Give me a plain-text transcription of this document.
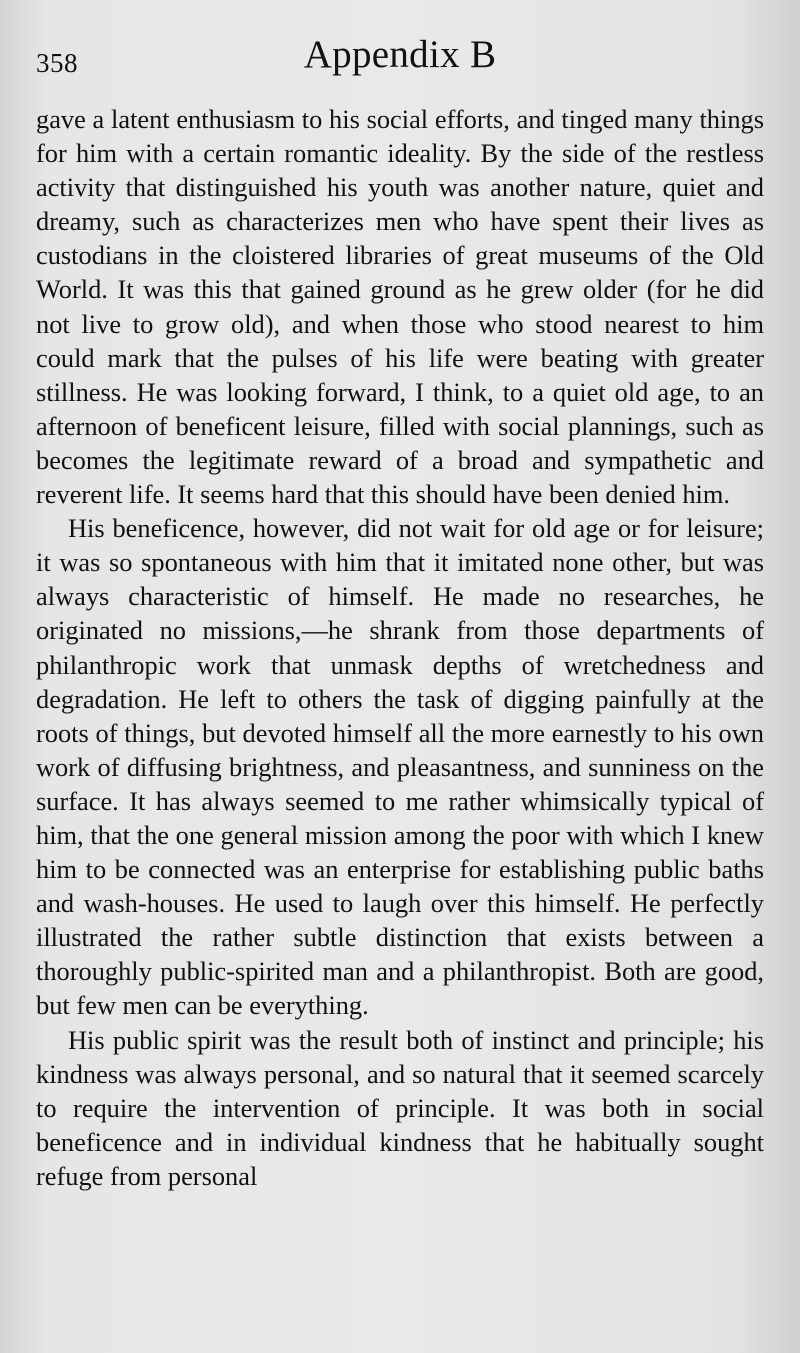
358	Appendix B

gave a latent enthusiasm to his social efforts, and tinged many things for him with a certain romantic ideality. By the side of the restless activity that distinguished his youth was another nature, quiet and dreamy, such as characterizes men who have spent their lives as custodians in the cloistered libraries of great museums of the Old World. It was this that gained ground as he grew older (for he did not live to grow old), and when those who stood nearest to him could mark that the pulses of his life were beating with greater stillness. He was looking forward, I think, to a quiet old age, to an afternoon of beneficent leisure, filled with social plannings, such as becomes the legitimate reward of a broad and sympathetic and reverent life. It seems hard that this should have been denied him.

His beneficence, however, did not wait for old age or for leisure; it was so spontaneous with him that it imitated none other, but was always characteristic of himself. He made no researches, he originated no missions,—he shrank from those departments of philanthropic work that unmask depths of wretchedness and degradation. He left to others the task of digging painfully at the roots of things, but devoted himself all the more earnestly to his own work of diffusing brightness, and pleasantness, and sunniness on the surface. It has always seemed to me rather whimsically typical of him, that the one general mission among the poor with which I knew him to be connected was an enterprise for establishing public baths and wash-houses. He used to laugh over this himself. He perfectly illustrated the rather subtle distinction that exists between a thoroughly public-spirited man and a philanthropist. Both are good, but few men can be everything.

His public spirit was the result both of instinct and principle; his kindness was always personal, and so natural that it seemed scarcely to require the intervention of principle. It was both in social beneficence and in individual kindness that he habitually sought refuge from personal
